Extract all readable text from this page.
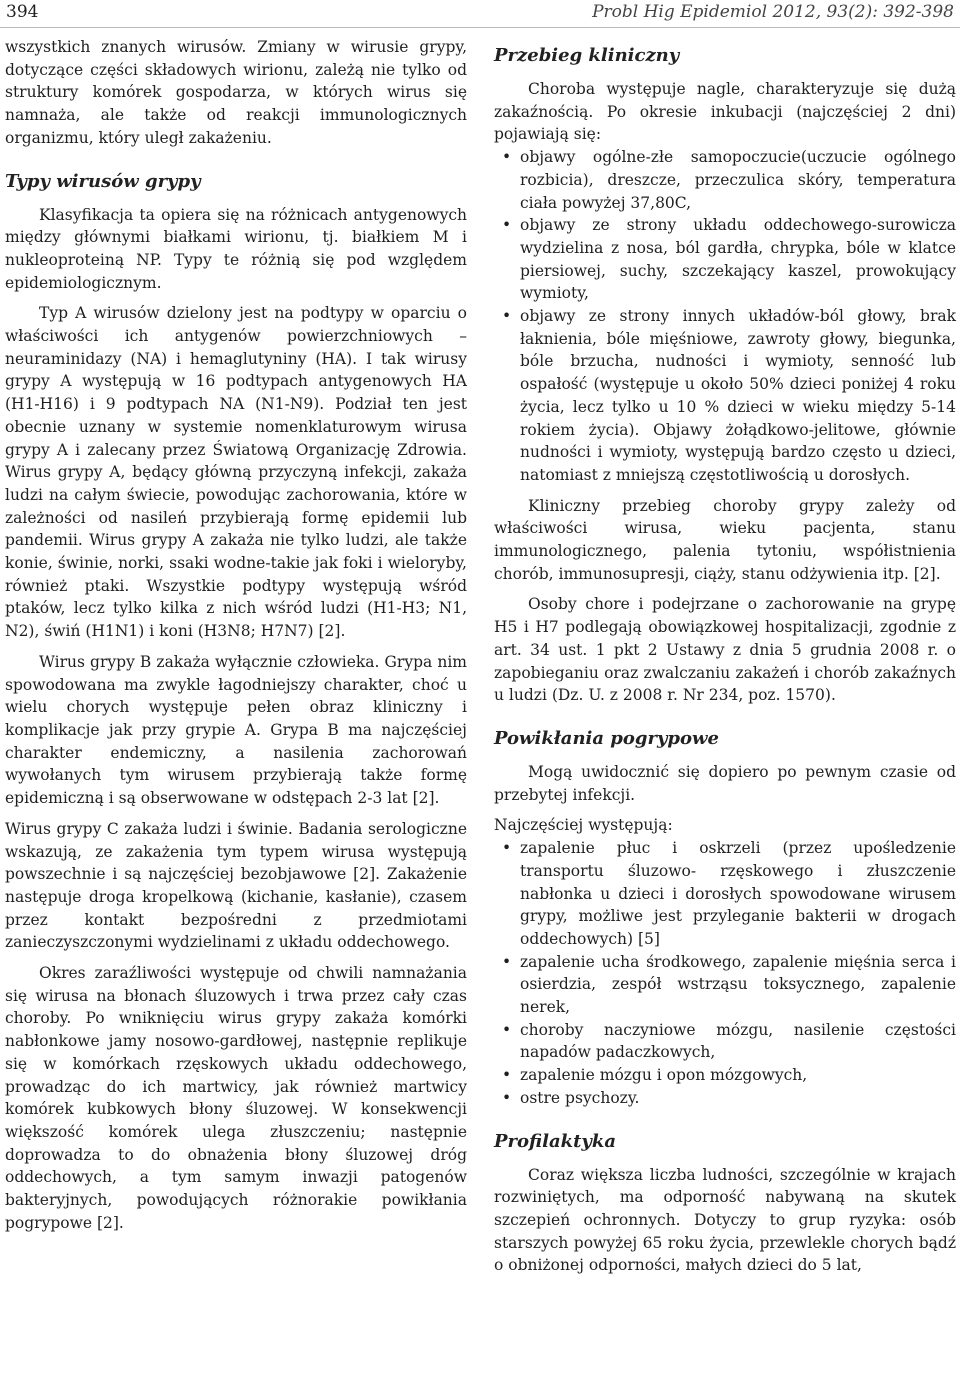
394	Probl Hig Epidemiol 2012, 93(2): 392-398

wszystkich znanych wirusów. Zmiany w wirusie grypy, dotyczące części składowych wirionu, zależą nie tylko od struktury komórek gospodarza, w których wirus się namnaża, ale także od reakcji immunologicznych organizmu, który uległ zakażeniu.

Typy wirusów grypy

Klasyfikacja ta opiera się na różnicach antygenowych między głównymi białkami wirionu, tj. białkiem M i nukleoproteiną NP. Typy te różnią się pod względem epidemiologicznym.

Typ A wirusów dzielony jest na podtypy w oparciu o właściwości ich antygenów powierzchniowych – neuraminidazy (NA) i hemaglutyniny (HA). I tak wirusy grypy A występują w 16 podtypach antygenowych HA (H1-H16) i 9 podtypach NA (N1-N9). Podział ten jest obecnie uznany w systemie nomenklaturowym wirusa grypy A i zalecany przez Światową Organizację Zdrowia. Wirus grypy A, będący główną przyczyną infekcji, zakaża ludzi na całym świecie, powodując zachorowania, które w zależności od nasileń przybierają formę epidemii lub pandemii. Wirus grypy A zakaża nie tylko ludzi, ale także konie, świnie, norki, ssaki wodne-takie jak foki i wieloryby, również ptaki. Wszystkie podtypy występują wśród ptaków, lecz tylko kilka z nich wśród ludzi (H1-H3; N1, N2), świń (H1N1) i koni (H3N8; H7N7) [2].

Wirus grypy B zakaża wyłącznie człowieka. Grypa nim spowodowana ma zwykle łagodniejszy charakter, choć u wielu chorych występuje pełen obraz kliniczny i komplikacje jak przy grypie A. Grypa B ma najczęściej charakter endemiczny, a nasilenia zachorowań wywołanych tym wirusem przybierają także formę epidemiczną i są obserwowane w odstępach 2-3 lat [2].

Wirus grypy C zakaża ludzi i świnie. Badania serologiczne wskazują, ze zakażenia tym typem wirusa występują powszechnie i są najczęściej bezobjawowe [2]. Zakażenie następuje droga kropelkową (kichanie, kasłanie), czasem przez kontakt bezpośredni z przedmiotami zanieczyszczonymi wydzielinami z układu oddechowego.

Okres zaraźliwości występuje od chwili namnażania się wirusa na błonach śluzowych i trwa przez cały czas choroby. Po wniknięciu wirus grypy zakaża komórki nabłonkowe jamy nosowo-gardłowej, następnie replikuje się w komórkach rzęskowych układu oddechowego, prowadząc do ich martwicy, jak również martwicy komórek kubkowych błony śluzowej. W konsekwencji większość komórek ulega złuszczeniu; następnie doprowadza to do obnażenia błony śluzowej dróg oddechowych, a tym samym inwazji patogenów bakteryjnych, powodujących różnorakie powikłania pogrypowe [2].

Przebieg kliniczny

Choroba występuje nagle, charakteryzuje się dużą zakaźnością. Po okresie inkubacji (najczęściej 2 dni) pojawiają się:

• objawy ogólne-złe samopoczucie(uczucie ogólnego rozbicia), dreszcze, przeczulica skóry, temperatura ciała powyżej 37,80C,
• objawy ze strony układu oddechowego-surowicza wydzielina z nosa, ból gardła, chrypka, bóle w klatce piersiowej, suchy, szczekający kaszel, prowokujący wymioty,
• objawy ze strony innych układów-ból głowy, brak łaknienia, bóle mięśniowe, zawroty głowy, biegunka, bóle brzucha, nudności i wymioty, senność lub ospałość (występuje u około 50% dzieci poniżej 4 roku życia, lecz tylko u 10 % dzieci w wieku między 5-14 rokiem życia). Objawy żołądkowo-jelitowe, głównie nudności i wymioty, występują bardzo często u dzieci, natomiast z mniejszą częstotliwością u dorosłych.

Kliniczny przebieg choroby grypy zależy od właściwości wirusa, wieku pacjenta, stanu immunologicznego, palenia tytoniu, współistnienia chorób, immunosupresji, ciąży, stanu odżywienia itp. [2].

Osoby chore i podejrzane o zachorowanie na grypę H5 i H7 podlegają obowiązkowej hospitalizacji, zgodnie z art. 34 ust. 1 pkt 2 Ustawy z dnia 5 grudnia 2008 r. o zapobieganiu oraz zwalczaniu zakażeń i chorób zakaźnych u ludzi (Dz. U. z 2008 r. Nr 234, poz. 1570).

Powikłania pogrypowe

Mogą uwidocznić się dopiero po pewnym czasie od przebytej infekcji.

Najczęściej występują:

• zapalenie płuc i oskrzeli (przez upośledzenie transportu śluzowo- rzęskowego i złuszczenie nabłonka u dzieci i dorosłych spowodowane wirusem grypy, możliwe jest przyleganie bakterii w drogach oddechowych) [5]
• zapalenie ucha środkowego, zapalenie mięśnia serca i osierdzia, zespół wstrząsu toksycznego, zapalenie nerek,
• choroby naczyniowe mózgu, nasilenie częstości napadów padaczkowych,
• zapalenie mózgu i opon mózgowych,
• ostre psychozy.
Profilaktyka

Coraz większa liczba ludności, szczególnie w krajach rozwiniętych, ma odporność nabywaną na skutek szczepień ochronnych. Dotyczy to grup ryzyka: osób starszych powyżej 65 roku życia, przewlekle chorych bądź o obniżonej odporności, małych dzieci do 5 lat,
